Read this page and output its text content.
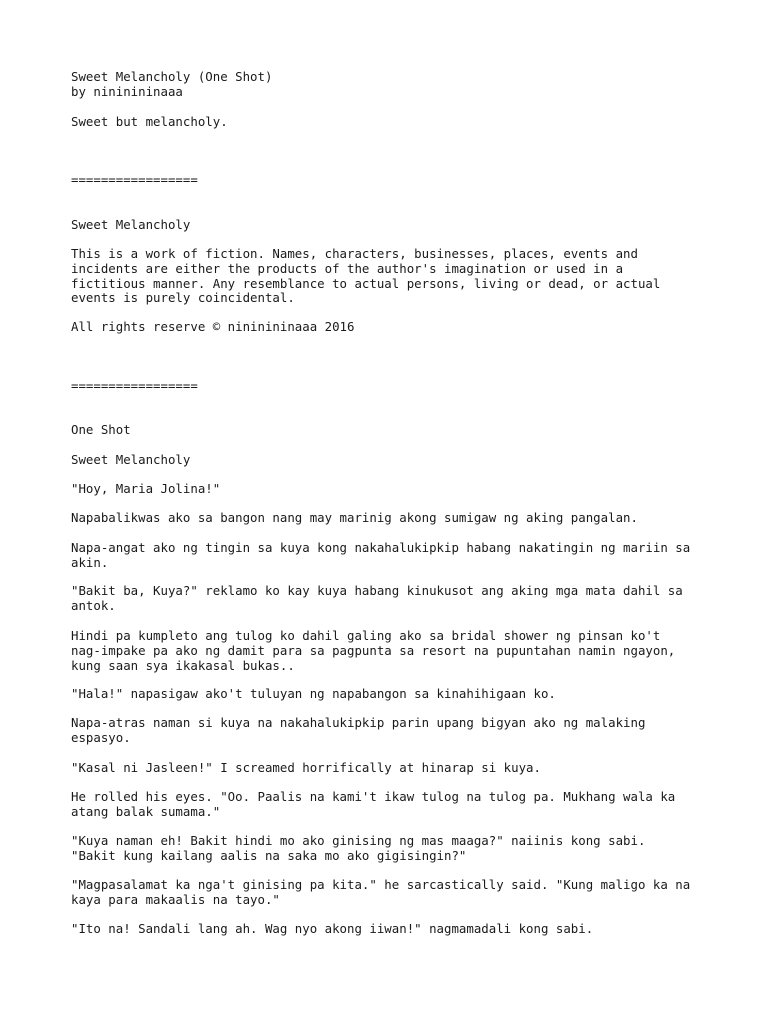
Sweet Melancholy (One Shot)
by nininininaaa
Sweet but melancholy.
=================
Sweet Melancholy
This is a work of fiction. Names, characters, businesses, places, events and
incidents are either the products of the author's imagination or used in a
fictitious manner. Any resemblance to actual persons, living or dead, or actual
events is purely coincidental.
All rights reserve © nininininaaa 2016
=================
One Shot
Sweet Melancholy
"Hoy, Maria Jolina!"
Napabalikwas ako sa bangon nang may marinig akong sumigaw ng aking pangalan.
Napa-angat ako ng tingin sa kuya kong nakahalukipkip habang nakatingin ng mariin sa
akin.
"Bakit ba, Kuya?" reklamo ko kay kuya habang kinukusot ang aking mga mata dahil sa
antok.
Hindi pa kumpleto ang tulog ko dahil galing ako sa bridal shower ng pinsan ko't
nag-impake pa ako ng damit para sa pagpunta sa resort na pupuntahan namin ngayon,
kung saan sya ikakasal bukas..
"Hala!" napasigaw ako't tuluyan ng napabangon sa kinahihigaan ko.
Napa-atras naman si kuya na nakahalukipkip parin upang bigyan ako ng malaking
espasyo.
"Kasal ni Jasleen!" I screamed horrifically at hinarap si kuya.
He rolled his eyes. "Oo. Paalis na kami't ikaw tulog na tulog pa. Mukhang wala ka
atang balak sumama."
"Kuya naman eh! Bakit hindi mo ako ginising ng mas maaga?" naiinis kong sabi.
"Bakit kung kailang aalis na saka mo ako gigisingin?"
"Magpasalamat ka nga't ginising pa kita." he sarcastically said. "Kung maligo ka na
kaya para makaalis na tayo."
"Ito na! Sandali lang ah. Wag nyo akong iiwan!" nagmamadali kong sabi.
